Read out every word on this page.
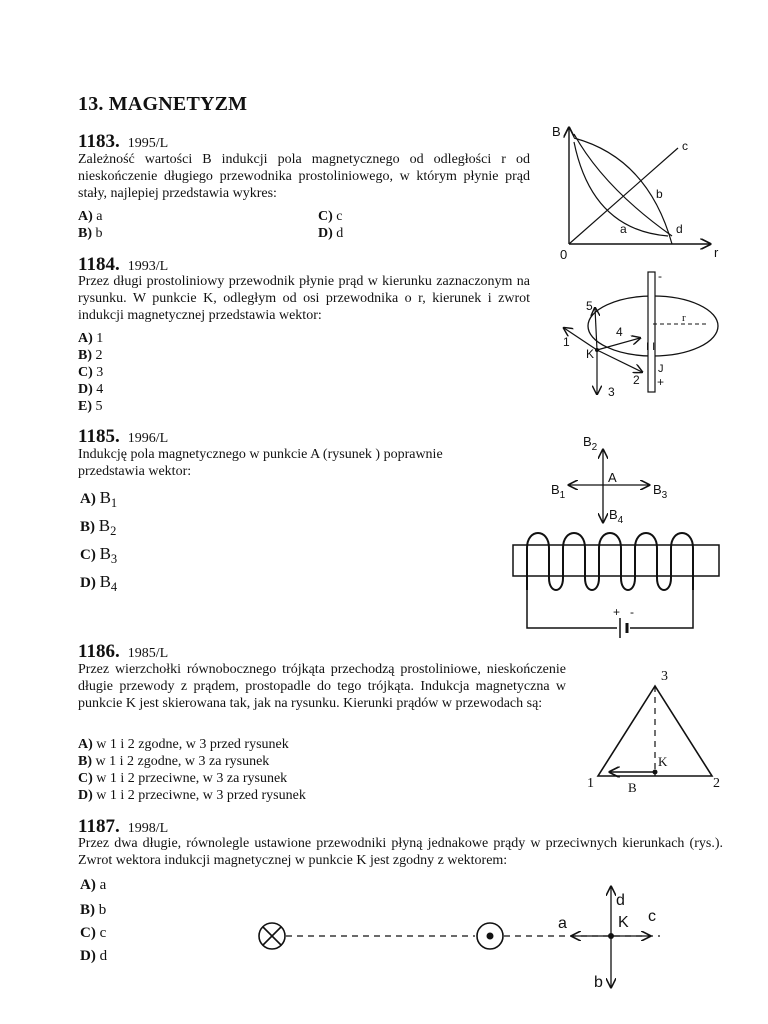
13. MAGNETYZM
1183. 1995/L
Zależność wartości B indukcji pola magnetycznego od odległości r od nieskończenie długiego przewodnika prostoliniowego, w którym płynie prąd stały, najlepiej przedstawia wykres:
A) a
B) b
C) c
D) d
B
r
0
c
b
a	d
1184. 1993/L
Przez długi prostoliniowy przewodnik płynie prąd w kierunku zaznaczonym na rysunku. W punkcie K, odległym od osi przewodnika o r, kierunek i zwrot indukcji magnetycznej przedstawia wektor:
A) 1
B) 2
C) 3
D) 4
E) 5
r
-
+
J
I I
K
1
2
3
4
5
1185. 1996/L
Indukcję pola magnetycznego w punkcie A (rysunek ) poprawnie przedstawia wektor:
A) $B_1$
B) $B_2$
C) $B_3$
D) $B_4$
A
$B_2$
$B_1$	$B_3$
$B_4$
+ -
1186. 1985/L
Przez wierzchołki równobocznego trójkąta przechodzą prostoliniowe, nieskończenie długie przewody z prądem, prostopadle do tego trójkąta. Indukcja magnetyczna w punkcie K jest skierowana tak, jak na rysunku. Kierunki prądów w przewodach są:
A) w 1 i 2 zgodne, w 3 przed rysunek
B) w 1 i 2 zgodne, w 3 za rysunek
C) w 1 i 2 przeciwne, w 3 za rysunek
D) w 1 i 2 przeciwne, w 3 przed rysunek
K
B
3
1	2
1187. 1998/L
Przez dwa długie, równolegle ustawione przewodniki płyną jednakowe prądy w przeciwnych kierunkach (rys.). Zwrot wektora indukcji magnetycznej w punkcie K jest zgodny z wektorem:
A) a
B) b
C) c
D) d
K
a
b
c
d
